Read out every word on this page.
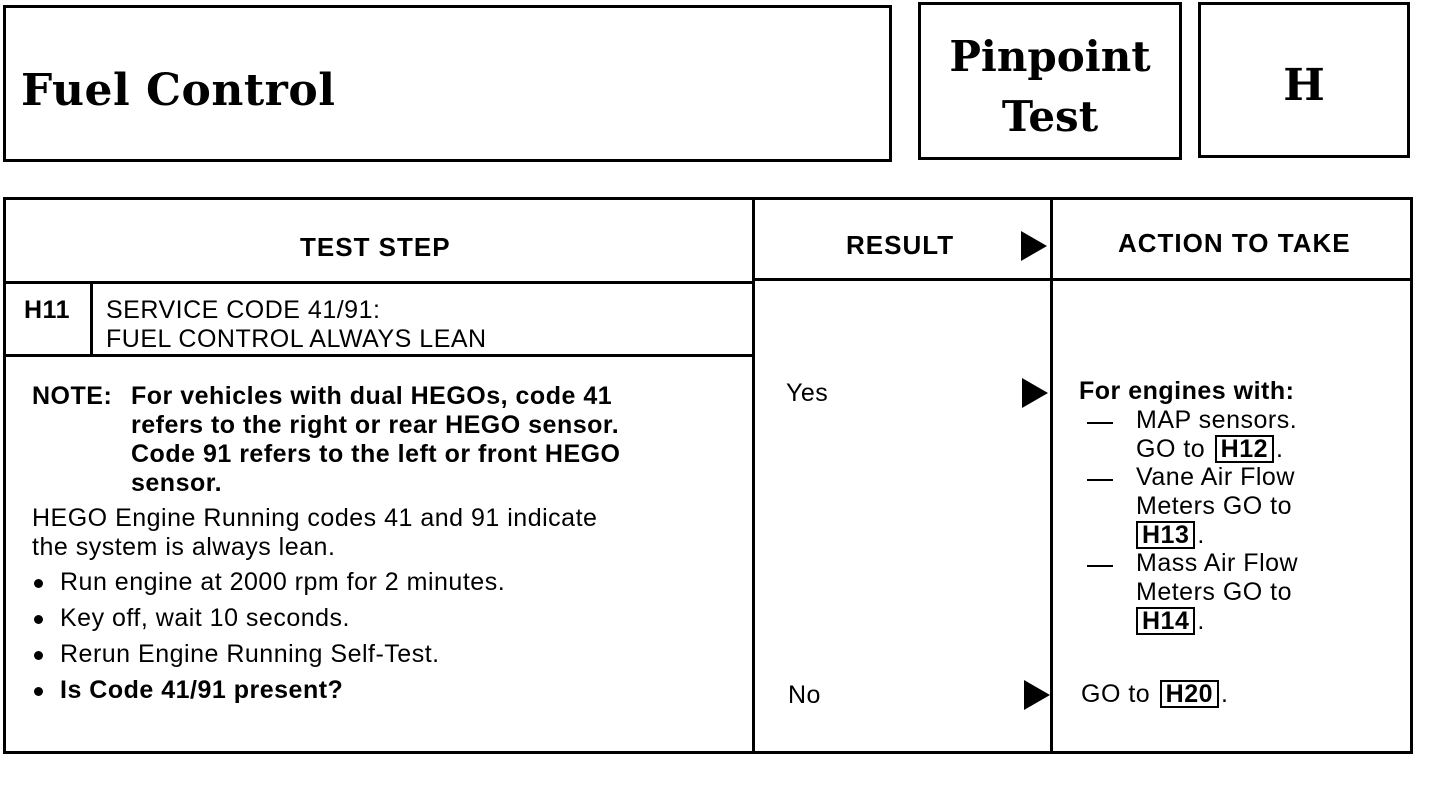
Fuel Control
Pinpoint
Test
H
TEST STEP	RESULT	ACTION TO TAKE
H11 SERVICE CODE 41/91:
FUEL CONTROL ALWAYS LEAN
NOTE: For vehicles with dual HEGOs, code 41
refers to the right or rear HEGO sensor.
Code 91 refers to the left or front HEGO
sensor.
HEGO Engine Running codes 41 and 91 indicate
the system is always lean.
Run engine at 2000 rpm for 2 minutes.
Key off, wait 10 seconds.
Rerun Engine Running Self-Test.
Is Code 41/91 present?
Yes
No
For engines with:
MAP sensors.
GO to H12 .
Vane Air Flow
Meters GO to
H13 .
Mass Air Flow
Meters GO to
H14 .
GO to H20 .
